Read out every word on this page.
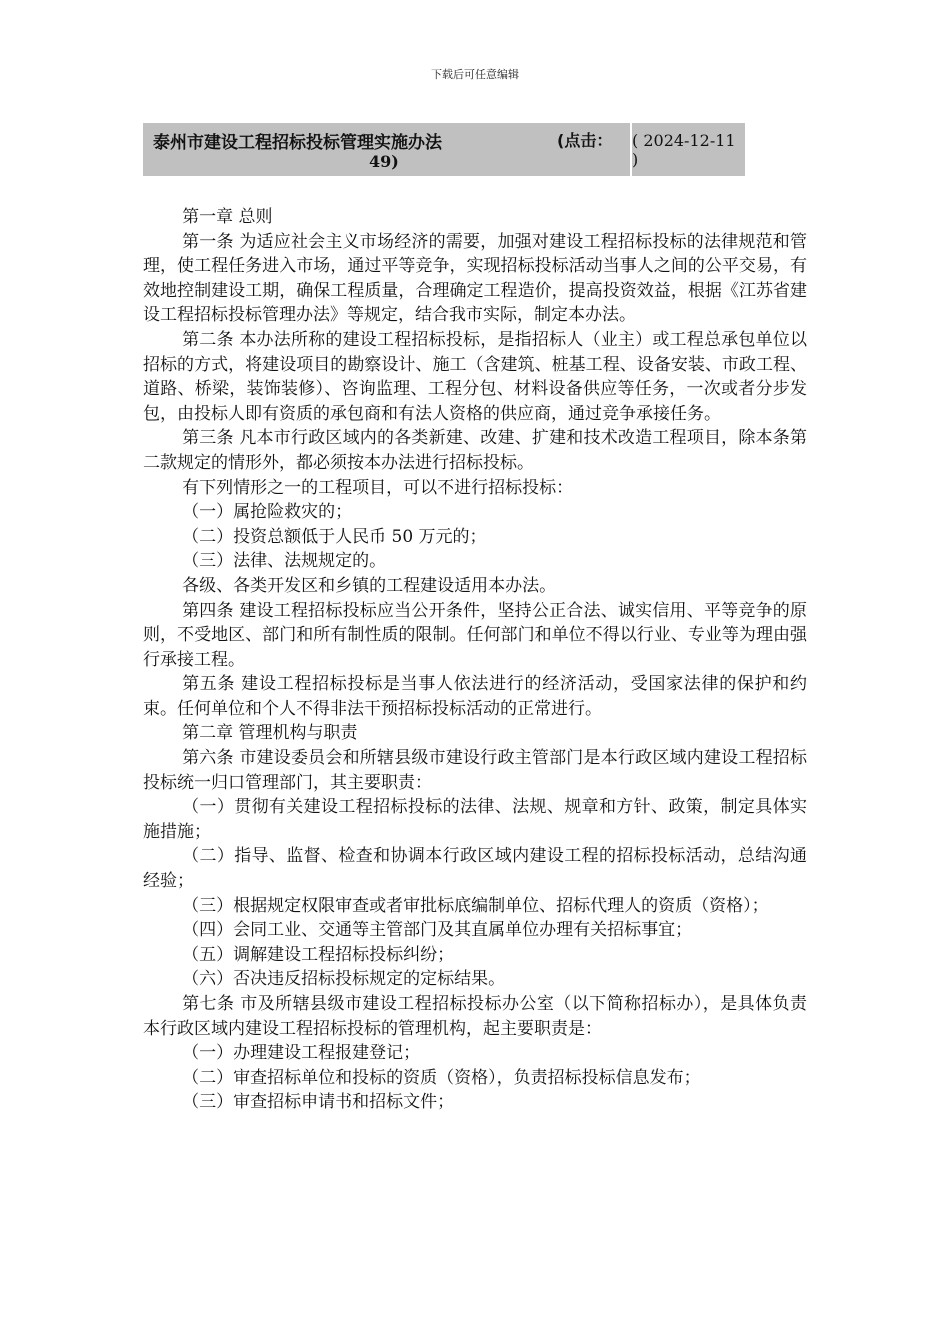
下载后可任意编辑
泰州市建设工程招标投标管理实施办法	(点击：
49)
( 2024-12-11 )

第一章 总则

第一条 为适应社会主义市场经济的需要，加强对建设工程招标投标的法律规范和管理，使工程任务进入市场，通过平等竞争，实现招标投标活动当事人之间的公平交易，有效地控制建设工期，确保工程质量，合理确定工程造价，提高投资效益，根据《江苏省建设工程招标投标管理办法》等规定，结合我市实际，制定本办法。

第二条 本办法所称的建设工程招标投标，是指招标人（业主）或工程总承包单位以招标的方式，将建设项目的勘察设计、施工（含建筑、桩基工程、设备安装、市政工程、道路、桥梁，装饰装修）、咨询监理、工程分包、材料设备供应等任务，一次或者分步发包，由投标人即有资质的承包商和有法人资格的供应商，通过竞争承接任务。

第三条 凡本市行政区域内的各类新建、改建、扩建和技术改造工程项目，除本条第二款规定的情形外，都必须按本办法进行招标投标。

有下列情形之一的工程项目，可以不进行招标投标：

（一）属抢险救灾的；

（二）投资总额低于人民币 50 万元的；

（三）法律、法规规定的。

各级、各类开发区和乡镇的工程建设适用本办法。

第四条 建设工程招标投标应当公开条件，坚持公正合法、诚实信用、平等竞争的原则，不受地区、部门和所有制性质的限制。任何部门和单位不得以行业、专业等为理由强行承接工程。

第五条 建设工程招标投标是当事人依法进行的经济活动，受国家法律的保护和约束。任何单位和个人不得非法干预招标投标活动的正常进行。

第二章 管理机构与职责

第六条 市建设委员会和所辖县级市建设行政主管部门是本行政区域内建设工程招标投标统一归口管理部门，其主要职责：

（一）贯彻有关建设工程招标投标的法律、法规、规章和方针、政策，制定具体实施措施；

（二）指导、监督、检查和协调本行政区域内建设工程的招标投标活动，总结沟通经验；

（三）根据规定权限审查或者审批标底编制单位、招标代理人的资质（资格）；

（四）会同工业、交通等主管部门及其直属单位办理有关招标事宜；

（五）调解建设工程招标投标纠纷；

（六）否决违反招标投标规定的定标结果。

第七条 市及所辖县级市建设工程招标投标办公室（以下简称招标办），是具体负责本行政区域内建设工程招标投标的管理机构，起主要职责是：

（一）办理建设工程报建登记；

（二）审查招标单位和投标的资质（资格），负责招标投标信息发布；

（三）审查招标申请书和招标文件；
